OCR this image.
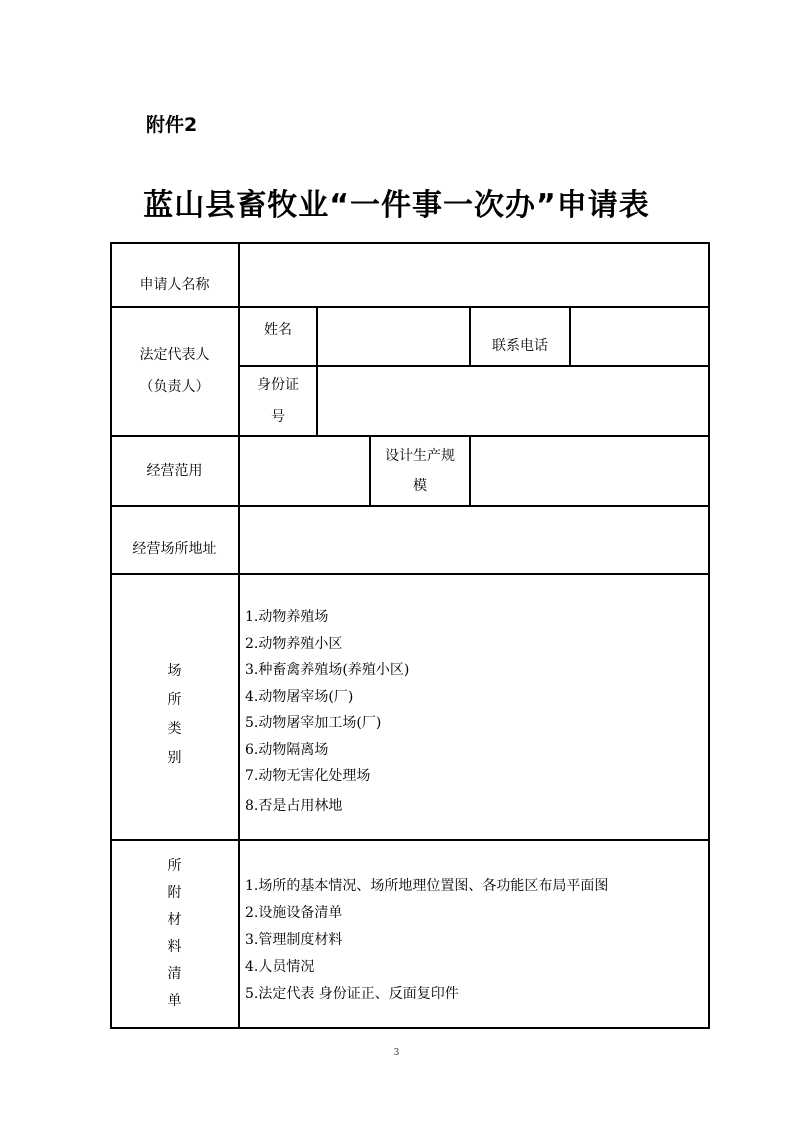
附件2
蓝山县畜牧业“一件事一次办”申请表
申请人名称
法定代表人
（负责人）
姓名
联系电话
身份证
号
经营范用
设计生产规
模
经营场所地址
场
所
类
别
1.动物养殖场
2.动物养殖小区
3.种畜禽养殖场(养殖小区)
4.动物屠宰场(厂)
5.动物屠宰加工场(厂)
6.动物隔离场
7.动物无害化处理场
8.否是占用林地
所
附
材
料
清
单
1.场所的基本情况、场所地理位置图、各功能区布局平面图
2.设施设备清单
3.管理制度材料
4.人员情况
5.法定代表 身份证正、反面复印件
3
